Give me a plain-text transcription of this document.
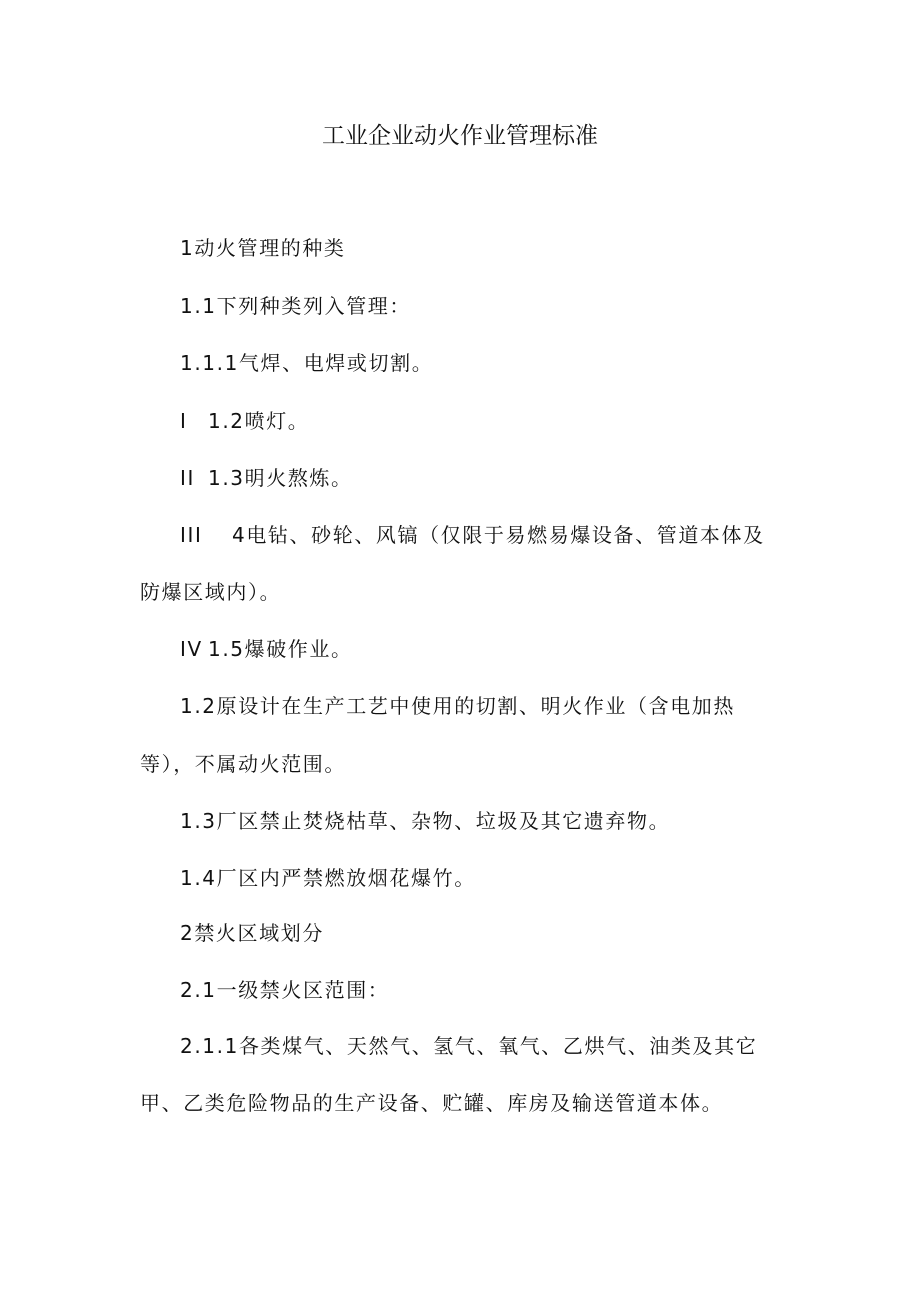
工业企业动火作业管理标准
1动火管理的种类
1.1下列种类列入管理：
1.1.1气焊、电焊或切割。
I 1.2喷灯。
II 1.3明火熬炼。
III 4电钻、砂轮、风镐（仅限于易燃易爆设备、管道本体及
防爆区域内）。
IV 1.5爆破作业。
1.2原设计在生产工艺中使用的切割、明火作业（含电加热
等），不属动火范围。
1.3厂区禁止焚烧枯草、杂物、垃圾及其它遗弃物。
1.4厂区内严禁燃放烟花爆竹。
2禁火区域划分
2.1一级禁火区范围：
2.1.1各类煤气、天然气、氢气、氧气、乙烘气、油类及其它
甲、乙类危险物品的生产设备、贮罐、库房及输送管道本体。
